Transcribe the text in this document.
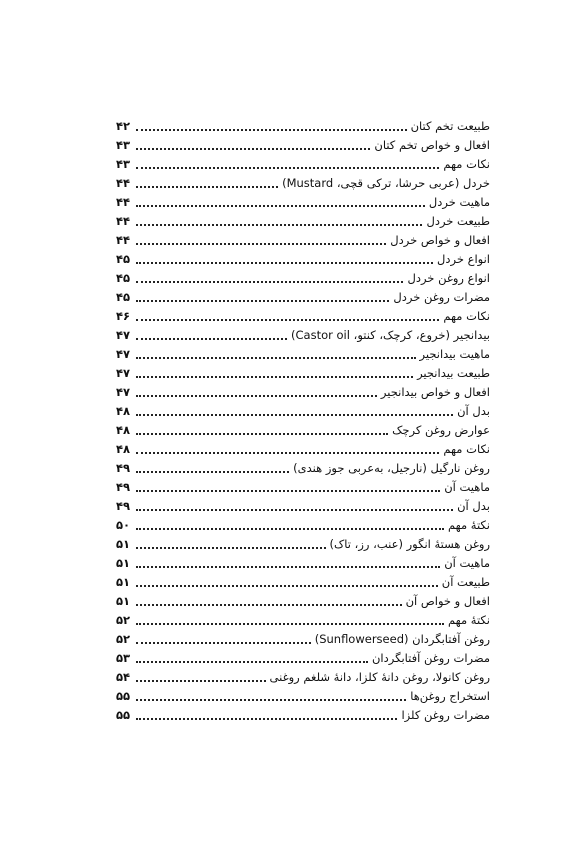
طبیعت تخم کتان
۴۲
افعال و خواص تخم کتان
۴۳
نکات مهم
۴۳
خردل (عربی حرشا، ترکی قچی، Mustard)
۴۴
ماهیت خردل
۴۴
طبیعت خردل
۴۴
افعال و خواص خردل
۴۴
انواع خردل
۴۵
انواع روغن خردل
۴۵
مضرات روغن خردل
۴۵
نکات مهم
۴۶
بیدانجیر (خروع، کرچک، کنتو، Castor oil)
۴۷
ماهیت بیدانجیر
۴۷
طبیعت بیدانجیر
۴۷
افعال و خواص بیدانجیر
۴۷
بدل آن
۴۸
عوارض روغن کرچک
۴۸
نکات مهم
۴۸
روغن نارگیل (نارجیل، به‌عربی جوز هندی)
۴۹
ماهیت آن
۴۹
بدل آن
۴۹
نکتهٔ مهم
۵۰
روغن هستهٔ انگور (عنب، رز، تاک)
۵۱
ماهیت آن
۵۱
طبیعت آن
۵۱
افعال و خواص آن
۵۱
نکتهٔ مهم
۵۲
روغن آفتابگردان (Sunflowerseed)
۵۲
مضرات روغن آفتابگردان
۵۳
روغن کانولا، روغن دانهٔ کلزا، دانهٔ شلغم روغنی
۵۴
استخراج روغن‌ها
۵۵
مضرات روغن کلزا
۵۵
